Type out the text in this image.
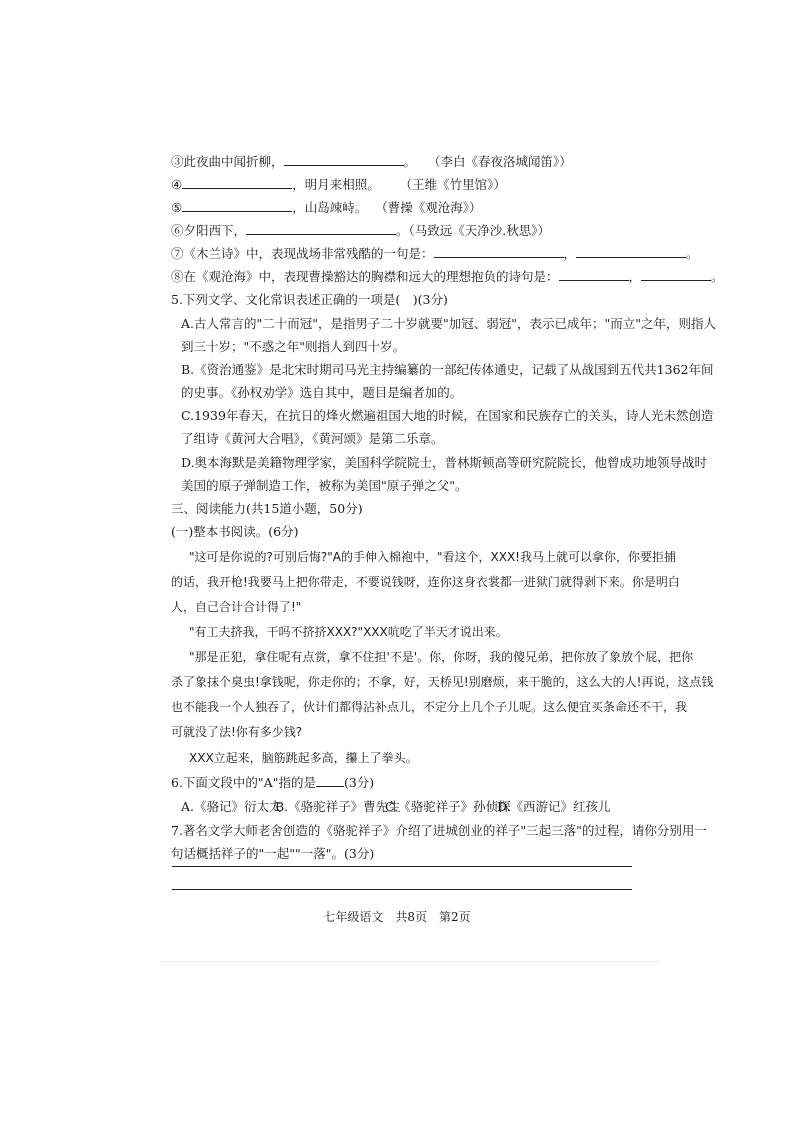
③此夜曲中闻折柳，	。 （李白《春夜洛城闻笛》）
④	，明月来相照。 （王维《竹里馆》）
⑤	，山岛竦峙。 （曹操《观沧海》）
⑥夕阳西下，	。（马致远《天净沙.秋思》）
⑦《木兰诗》中，表现战场非常残酷的一句是：	，	。
⑧在《观沧海》中，表现曹操豁达的胸襟和远大的理想抱负的诗句是：	，	。
5.下列文学、文化常识表述正确的一项是(　)(3分)
A.古人常言的"二十而冠"，是指男子二十岁就要"加冠、弱冠"，表示已成年；"而立"之年，则指人
到三十岁；"不惑之年"则指人到四十岁。
B.《资治通鉴》是北宋时期司马光主持编纂的一部纪传体通史，记载了从战国到五代共1362年间
的史事。《孙权劝学》选自其中，题目是编者加的。
C.1939年春天，在抗日的烽火燃遍祖国大地的时候，在国家和民族存亡的关头，诗人光未然创造
了组诗《黄河大合唱》，《黄河颂》是第二乐章。
D.奥本海默是美籍物理学家，美国科学院院士，普林斯顿高等研究院院长，他曾成功地领导战时
美国的原子弹制造工作，被称为美国"原子弹之父"。
三、阅读能力(共15道小题，50分)
(一)整本书阅读。(6分)
"这可是你说的?可别后悔?"A的手伸入棉袍中，"看这个，XXX!我马上就可以拿你，你要拒捕
的话，我开枪!我要马上把你带走，不要说钱呀，连你这身衣裳都一进狱门就得剥下来。你是明白
人，自己合计合计得了!"
"有工夫挤我，干吗不挤挤XXX?"XXX吭吃了半天才说出来。
"那是正犯，拿住呢有点赏，拿不住担'不是'。你，你呀，我的傻兄弟，把你放了象放个屁，把你
杀了象抹个臭虫!拿钱呢，你走你的；不拿，好，天桥见!别磨烦，来干脆的，这么大的人!再说，这点钱
也不能我一个人独吞了，伙计们都得沾补点儿，不定分上几个子儿呢。这么便宜买条命还不干，我
可就没了法!你有多少钱?
XXX立起来，脑筋跳起多高，攥上了拳头。
6.下面文段中的"A"指的是 (3分)
A.《骆记》衍太太B.《骆驼祥子》曹先生C.《骆驼祥子》孙侦探D.《西游记》红孩儿
7.著名文学大师老舍创造的《骆驼祥子》介绍了进城创业的祥子"三起三落"的过程，请你分别用一
句话概括祥子的"一起""一落"。(3分)
七年级语文　共8页　第2页
